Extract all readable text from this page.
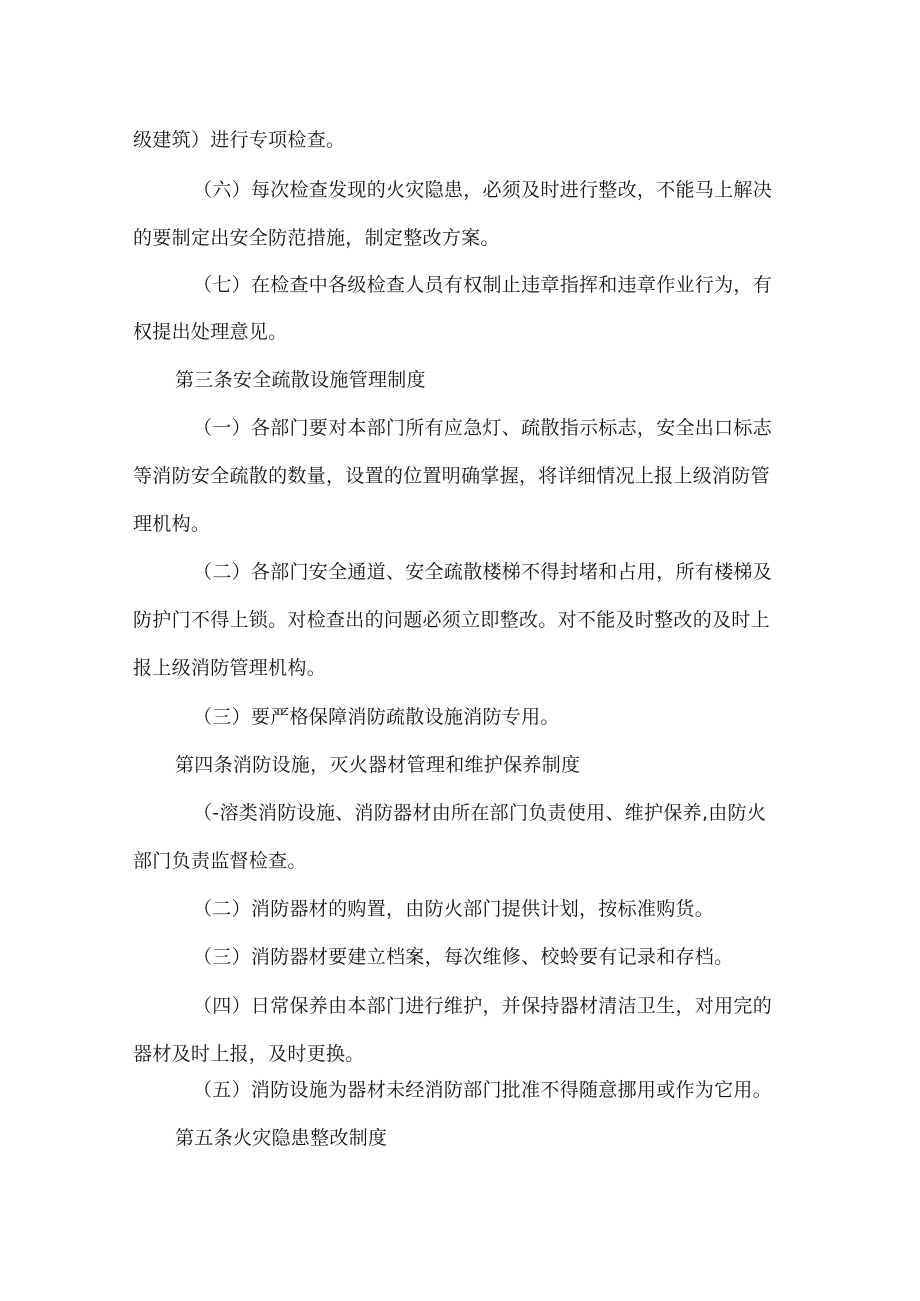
级建筑）进行专项检查。
（六）每次检查发现的火灾隐患，必须及时进行整改，不能马上解决
的要制定出安全防范措施，制定整改方案。
（七）在检查中各级检查人员有权制止违章指挥和违章作业行为，有
权提出处理意见。
第三条安全疏散设施管理制度
（一）各部门要对本部门所有应急灯、疏散指示标志，安全出口标志
等消防安全疏散的数量，设置的位置明确掌握，将详细情况上报上级消防管
理机构。
（二）各部门安全通道、安全疏散楼梯不得封堵和占用，所有楼梯及
防护门不得上锁。对检查出的问题必须立即整改。对不能及时整改的及时上
报上级消防管理机构。
（三）要严格保障消防疏散设施消防专用。
第四条消防设施，灭火器材管理和维护保养制度
（-溶类消防设施、消防器材由所在部门负责使用、维护保养,由防火
部门负责监督检查。
（二）消防器材的购置，由防火部门提供计划，按标准购货。
（三）消防器材要建立档案，每次维修、校蛉要有记录和存档。
（四）日常保养由本部门进行维护，并保持器材清洁卫生，对用完的
器材及时上报，及时更换。
（五）消防设施为器材未经消防部门批准不得随意挪用或作为它用。
第五条火灾隐患整改制度
